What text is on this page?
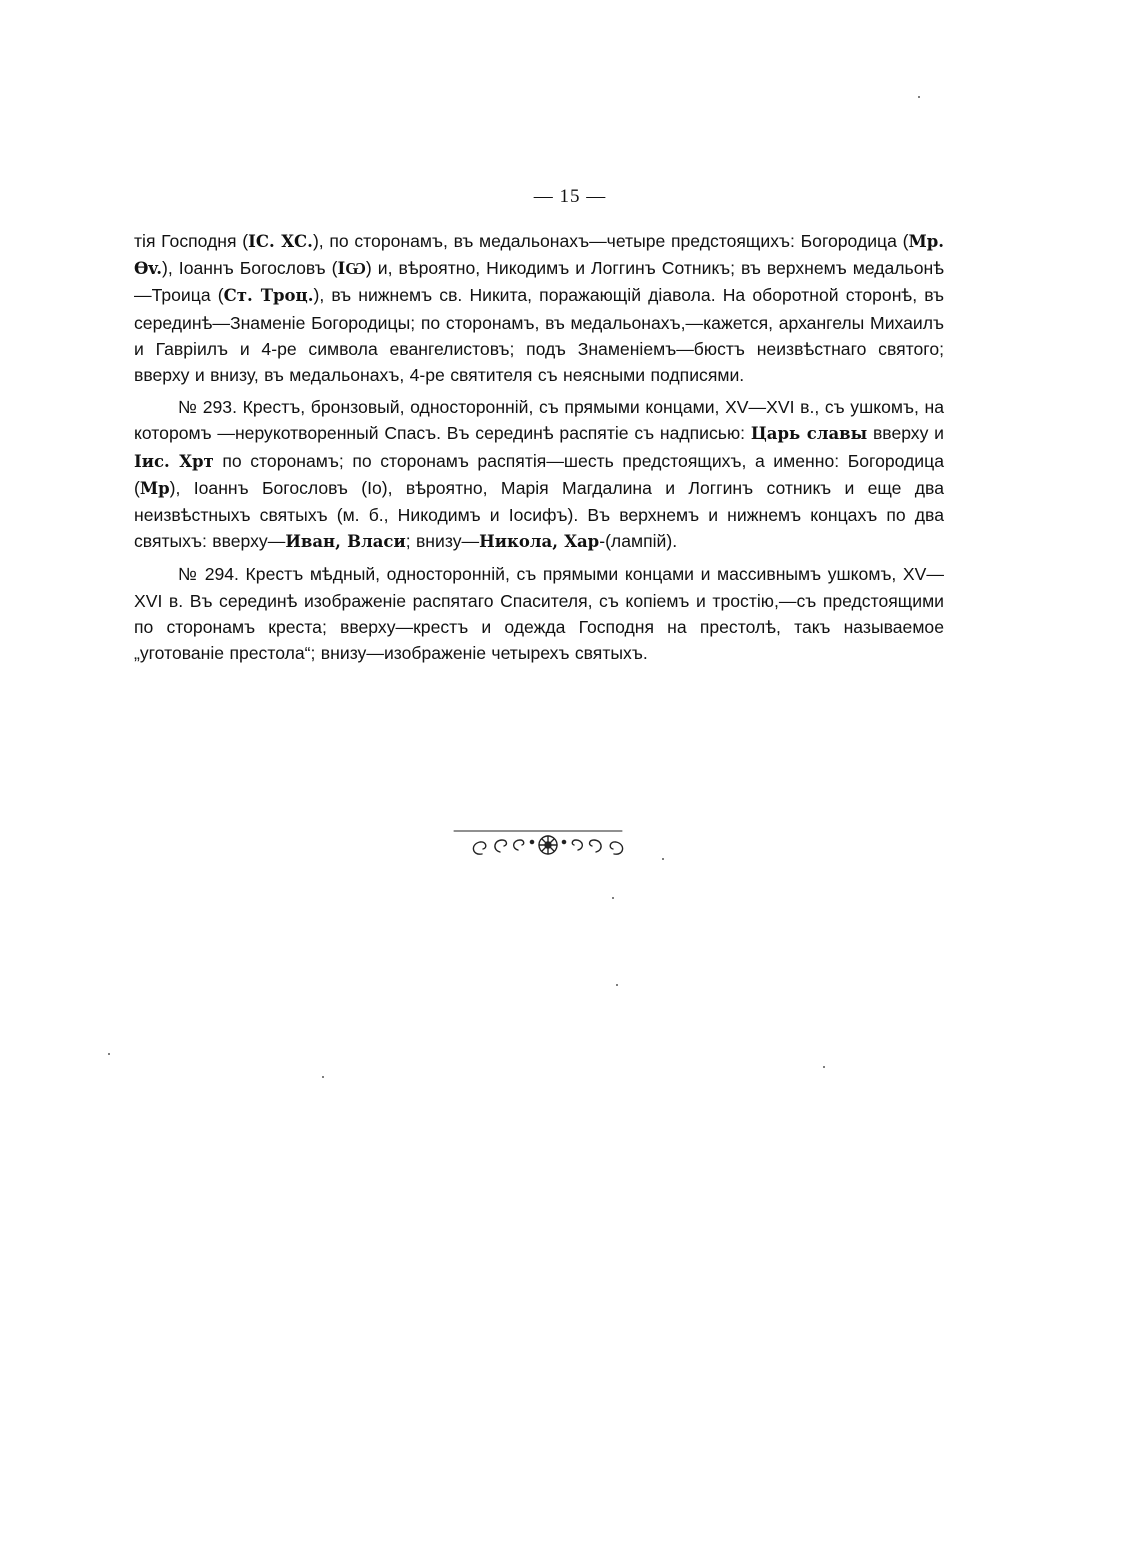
— 15 —

тія Господня (IС. ХС.), по сторонамъ, въ медальонахъ—четыре предстоящихъ: Богородица (Мр. Өv.), Іоаннъ Богословъ (IѠ) и, вѣроятно, Никодимъ и Логгинъ Сотникъ; въ верхнемъ медальонѣ—Троица (Ст. Троц.), въ нижнемъ св. Никита, поражающій діавола. На оборотной сторонѣ, въ серединѣ—Знаменіе Богородицы; по сторонамъ, въ медальонахъ,—кажется, архангелы Михаилъ и Гавріилъ и 4-ре символа евангелистовъ; подъ Знаменіемъ—бюстъ неизвѣстнаго святого; вверху и внизу, въ медальонахъ, 4-ре святителя съ неясными подписями.

№ 293. Крестъ, бронзовый, односторонній, съ прямыми концами, XV—XVI в., съ ушкомъ, на которомъ —нерукотворенный Спасъ. Въ серединѣ распятіе съ надписью: Царь славы вверху и Іис. Хрт по сторонамъ; по сторонамъ распятія—шесть предстоящихъ, а именно: Богородица (Мр), Іоаннъ Богословъ (Іо), вѣроятно, Марія Магдалина и Логгинъ сотникъ и еще два неизвѣстныхъ святыхъ (м. б., Никодимъ и Іосифъ). Въ верхнемъ и нижнемъ концахъ по два святыхъ: вверху—Иван, Власи; внизу—Никола, Хар-(лампій).

№ 294. Крестъ мѣдный, односторонній, съ прямыми концами и массивнымъ ушкомъ, XV—XVI в. Въ серединѣ изображеніе распятаго Спасителя, съ копіемъ и тростію,—съ предстоящими по сторонамъ креста; вверху—крестъ и одежда Господня на престолѣ, такъ называемое „уготованіе престола“; внизу—изображеніе четырехъ святыхъ.
